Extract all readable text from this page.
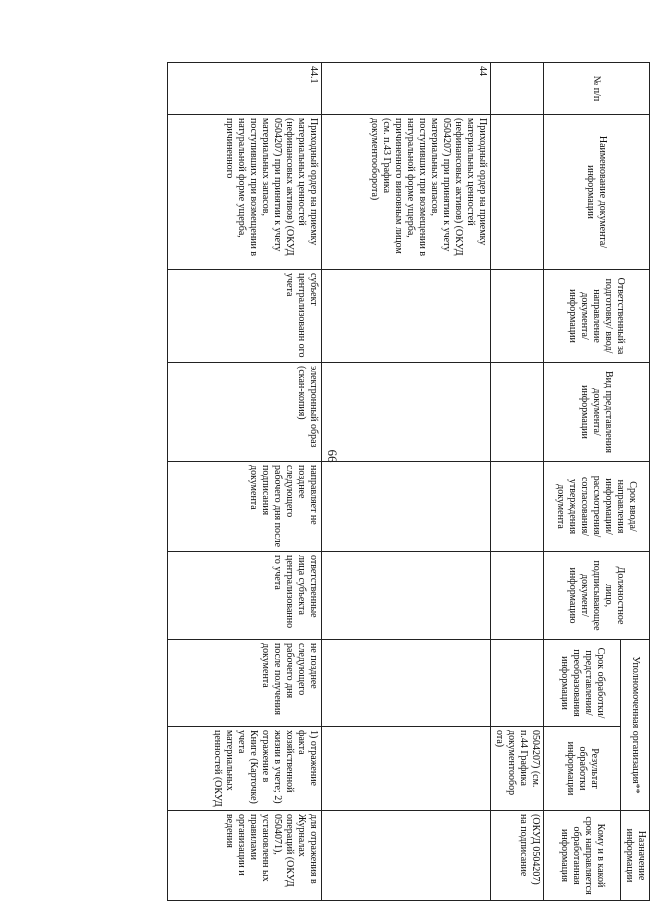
66
№ п/п	Наименование документа/информации	Ответственный за подготовку/ ввод/ направление документа/ информации	Вид представления документа/ информации	Срок ввода/ направления информации/ рассмотрения/ согласования/ утверждения документа	Должностное лицо, подписывающее документ/ информацию	Уполномоченная организация**		Назначение информации
						Срок обработки/ представления/ преобразования информации	Результат обработки информации	Кому и в какой срок направляется обработанная информация
							0504207) (см. п.44 Графика документообор ота)	(ОКУД 0504207) на подписание
44	Приходный ордер на приемку материальных ценностей (нефинансовых активов) (ОКУД 0504207) при принятии к учету материальных запасов, поступивших при возмещении в натуральной форме ущерба, причиненного виновным лицом (см. п.43 Графика документооборота)							
44.1	Приходный ордер на приемку материальных ценностей (нефинансовых активов) (ОКУД 0504207) при принятии к учету материальных запасов, поступивших при возмещении в натуральной форме ущерба, причиненного	субъект централизованн ого учета	электронный образ (скан-копия)	направляет не позднее следующего рабочего дня после подписания документа	ответственные лица субъекта централизованно го учета	не позднее следующего рабочего дня после получения документа	1) отражение факта хозяйственной жизни в учете; 2) отражение в Книге (Карточке) учета материальных ценностей (ОКУД	для отражения в Журналах операций (ОКУД 0504071), установленн ых правилами организации и ведения
